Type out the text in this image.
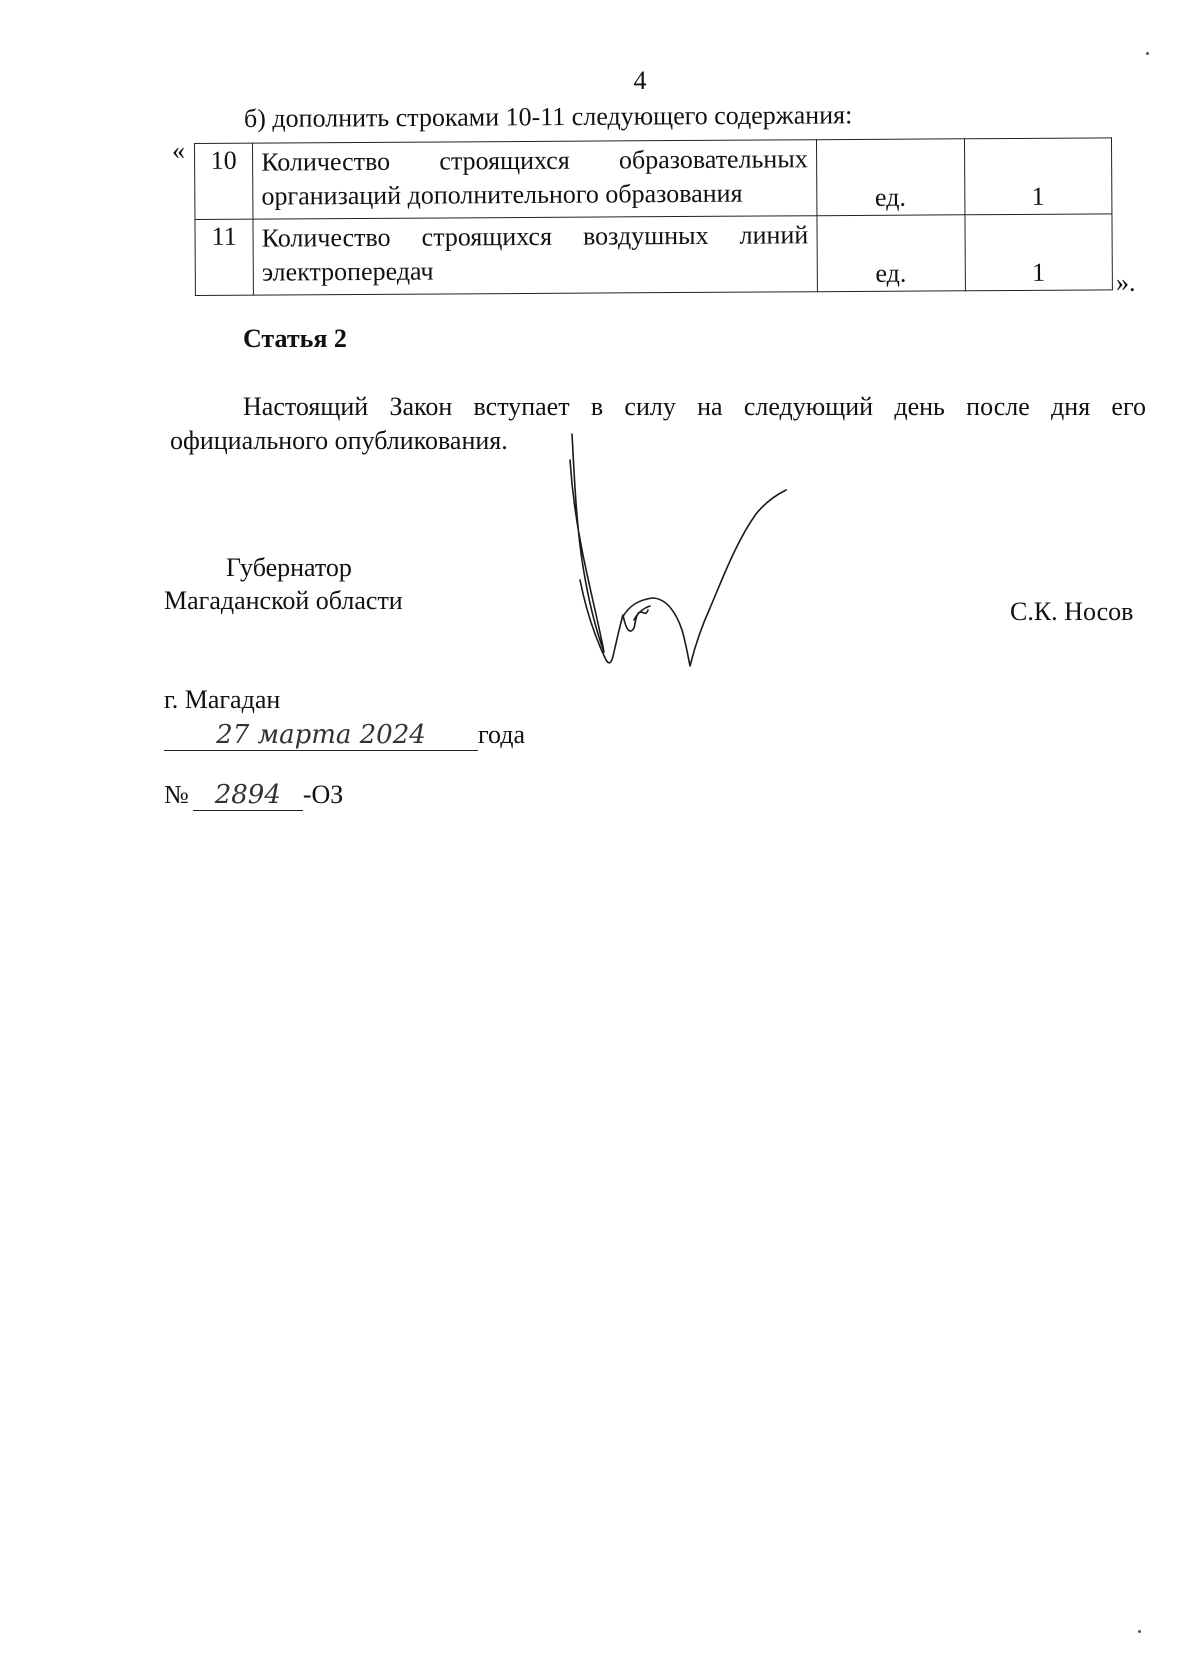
4
б) дополнить строками 10-11 следующего содержания:
« 10	Количество строящихся образовательных
организаций дополнительного образования	ед.	1

11	Количество строящихся воздушных линий
электропередач	ед.	1	».
Статья 2
Настоящий Закон вступает в силу на следующий день после дня его
официального опубликования.
Губернатор
Магаданской области	С.К. Носов
г. Магадан
27 марта 2024 года
№ 2894 -ОЗ
